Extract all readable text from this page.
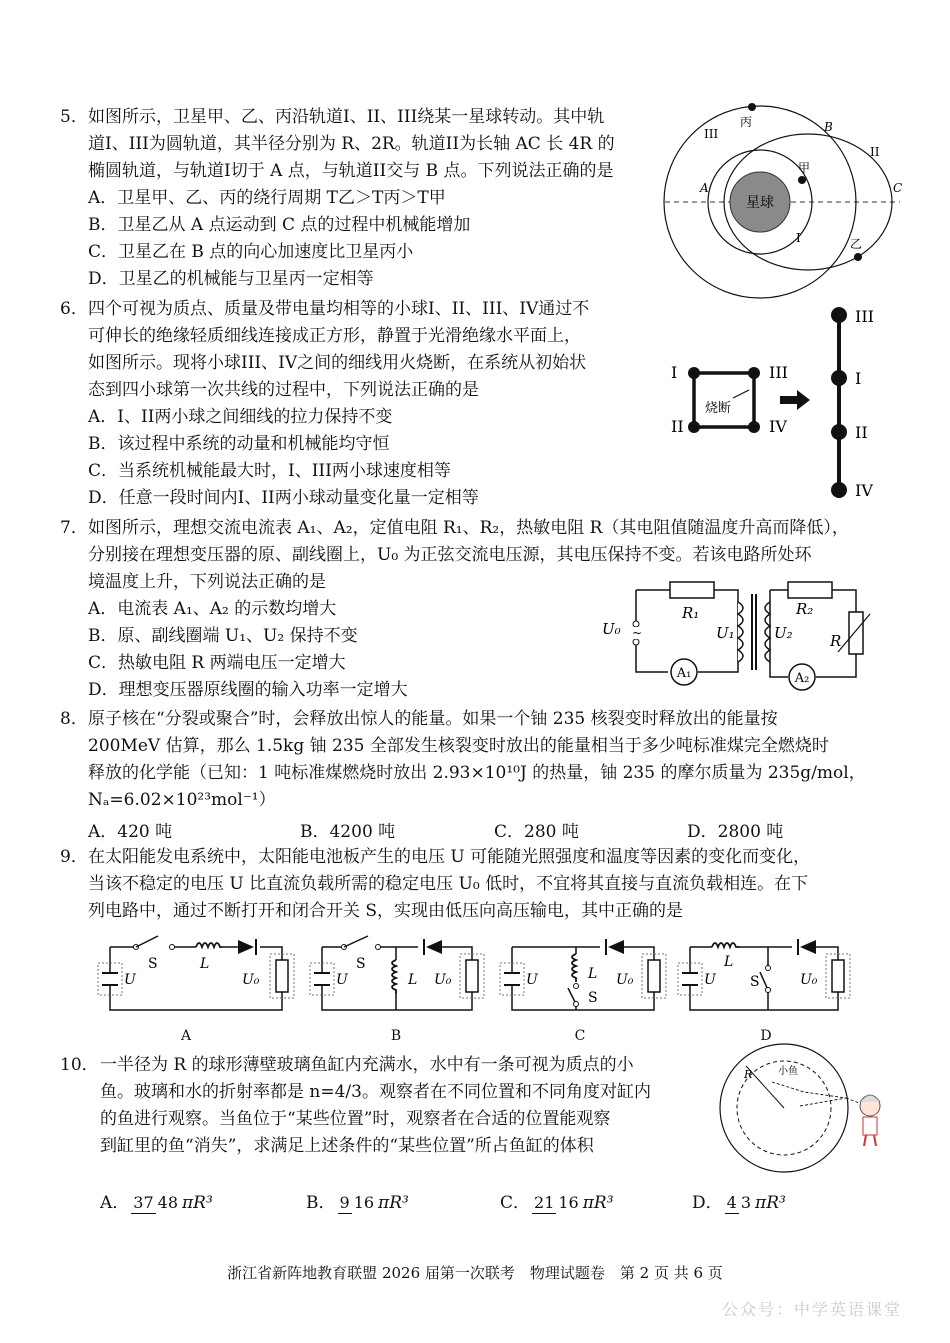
5．如图所示，卫星甲、乙、丙沿轨道I、II、III绕某一星球转动。其中轨
道I、III为圆轨道，其半径分别为 R、2R。轨道II为长轴 AC 长 4R 的
椭圆轨道，与轨道I切于 A 点，与轨道II交与 B 点。下列说法正确的是
A．卫星甲、乙、丙的绕行周期 T乙＞T丙＞T甲
B．卫星乙从 A 点运动到 C 点的过程中机械能增加
C．卫星乙在 B 点的向心加速度比卫星丙小
D．卫星乙的机械能与卫星丙一定相等
星球
丙
甲
乙
III
II
I
A
B
C
6．四个可视为质点、质量及带电量均相等的小球I、II、III、IV通过不
可伸长的绝缘轻质细线连接成正方形，静置于光滑绝缘水平面上，
如图所示。现将小球III、IV之间的细线用火烧断，在系统从初始状
态到四小球第一次共线的过程中，下列说法正确的是
A．I、II两小球之间细线的拉力保持不变
B．该过程中系统的动量和机械能均守恒
C．当系统机械能最大时，I、III两小球速度相等
D．任意一段时间内I、II两小球动量变化量一定相等
I
II
III
IV
烧断
III
I
II
IV
7．如图所示，理想交流电流表 A₁、A₂，定值电阻 R₁、R₂，热敏电阻 R（其电阻值随温度升高而降低），
分别接在理想变压器的原、副线圈上，U₀ 为正弦交流电压源，其电压保持不变。若该电路所处环
境温度上升，下列说法正确的是
A．电流表 A₁、A₂ 的示数均增大
B．原、副线圈端 U₁、U₂ 保持不变
C．热敏电阻 R 两端电压一定增大
D．理想变压器原线圈的输入功率一定增大
R₁
~
U₀
A₁
U₁	U₂
R₂
R
A₂
8．原子核在“分裂或聚合”时，会释放出惊人的能量。如果一个铀 235 核裂变时释放出的能量按
200MeV 估算，那么 1.5kg 铀 235 全部发生核裂变时放出的能量相当于多少吨标准煤完全燃烧时
释放的化学能（已知：1 吨标准煤燃烧时放出 2.93×10¹⁰J 的热量，铀 235 的摩尔质量为 235g/mol，
Nₐ=6.02×10²³mol⁻¹）
A．420 吨	B．4200 吨	C．280 吨	D．2800 吨
9．在太阳能发电系统中，太阳能电池板产生的电压 U 可能随光照强度和温度等因素的变化而变化，
当该不稳定的电压 U 比直流负载所需的稳定电压 U₀ 低时，不宜将其直接与直流负载相连。在下
列电路中，通过不断打开和闭合开关 S，实现由低压向高压输电，其中正确的是
S	L
U	U₀
A
S
L
U	U₀
B
L
S
U	U₀
C
L
S
U	U₀
D
10．一半径为 R 的球形薄壁玻璃鱼缸内充满水，水中有一条可视为质点的小
鱼。玻璃和水的折射率都是 n=4/3。观察者在不同位置和不同角度对缸内
的鱼进行观察。当鱼位于“某些位置”时，观察者在合适的位置能观察
到缸里的鱼“消失”，求满足上述条件的“某些位置”所占鱼缸的体积
R	小鱼
A． 37 48 πR³	B． 9 16 πR³	C． 21 16 πR³	D． 4 3 πR³
浙江省新阵地教育联盟 2026 届第一次联考　物理试题卷　第 2 页 共 6 页
公众号：中学英语课堂
